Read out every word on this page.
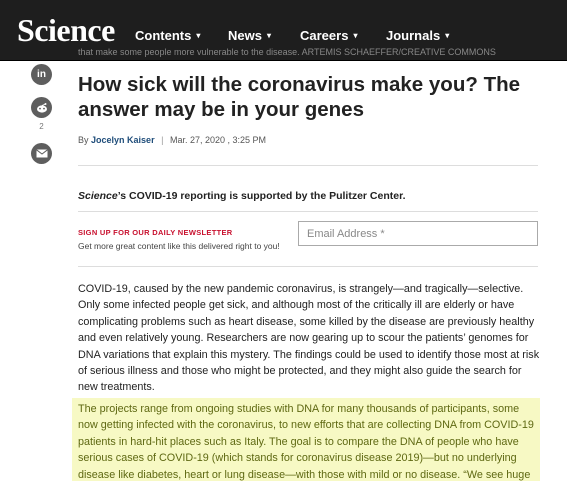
Science Contents ▾ News ▾ Careers ▾ Journals ▾
that make some people more vulnerable to the disease. ARTEMIS SCHAEFFER/CREATIVE COMMONS
in
2
How sick will the coronavirus make you? The answer may be in your genes
By Jocelyn Kaiser | Mar. 27, 2020 , 3:25 PM
Science’s COVID-19 reporting is supported by the Pulitzer Center.
SIGN UP FOR OUR DAILY NEWSLETTER
Get more great content like this delivered right to you!
Email Address *

COVID-19, caused by the new pandemic coronavirus, is strangely—and tragically—selective. Only some infected people get sick, and although most of the critically ill are elderly or have complicating problems such as heart disease, some killed by the disease are previously healthy and even relatively young. Researchers are now gearing up to scour the patients’ genomes for DNA variations that explain this mystery. The findings could be used to identify those most at risk of serious illness and those who might be protected, and they might also guide the search for new treatments.

The projects range from ongoing studies with DNA for many thousands of participants, some now getting infected with the coronavirus, to new efforts that are collecting DNA from COVID-19 patients in hard-hit places such as Italy. The goal is to compare the DNA of people who have serious cases of COVID-19 (which stands for coronavirus disease 2019)—but no underlying disease like diabetes, heart or lung disease—with those with mild or no disease. “We see huge
